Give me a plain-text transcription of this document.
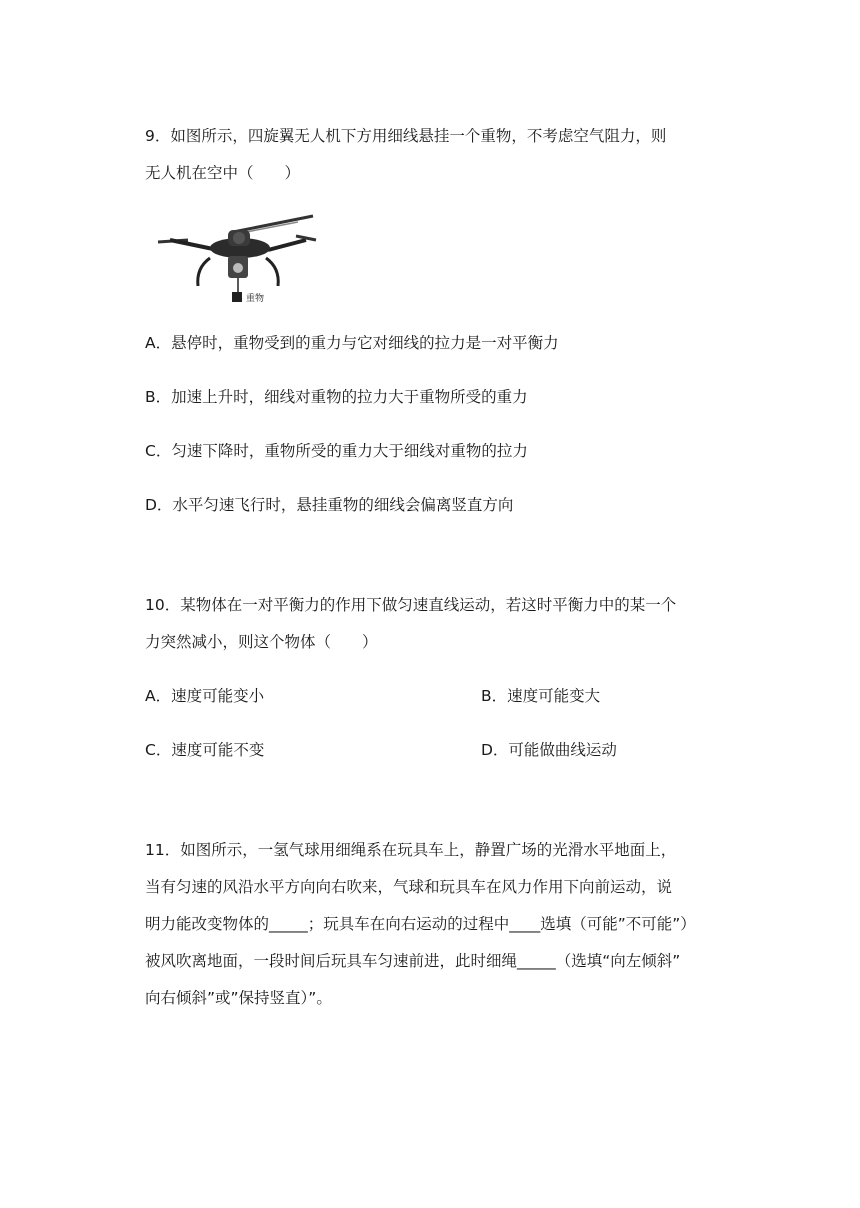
9．如图所示，四旋翼无人机下方用细线悬挂一个重物，不考虑空气阻力，则
无人机在空中（　　）
重物
A．悬停时，重物受到的重力与它对细线的拉力是一对平衡力
B．加速上升时，细线对重物的拉力大于重物所受的重力
C．匀速下降时，重物所受的重力大于细线对重物的拉力
D．水平匀速飞行时，悬挂重物的细线会偏离竖直方向
10．某物体在一对平衡力的作用下做匀速直线运动，若这时平衡力中的某一个
力突然减小，则这个物体（　　）
A．速度可能变小	B．速度可能变大
C．速度可能不变	D．可能做曲线运动
11．如图所示，一氢气球用细绳系在玩具车上，静置广场的光滑水平地面上，
当有匀速的风沿水平方向向右吹来，气球和玩具车在风力作用下向前运动，说
明力能改变物体的_____；玩具车在向右运动的过程中____选填（可能”不可能”）
被风吹离地面，一段时间后玩具车匀速前进，此时细绳_____（选填“向左倾斜”
向右倾斜”或”保持竖直）”。
